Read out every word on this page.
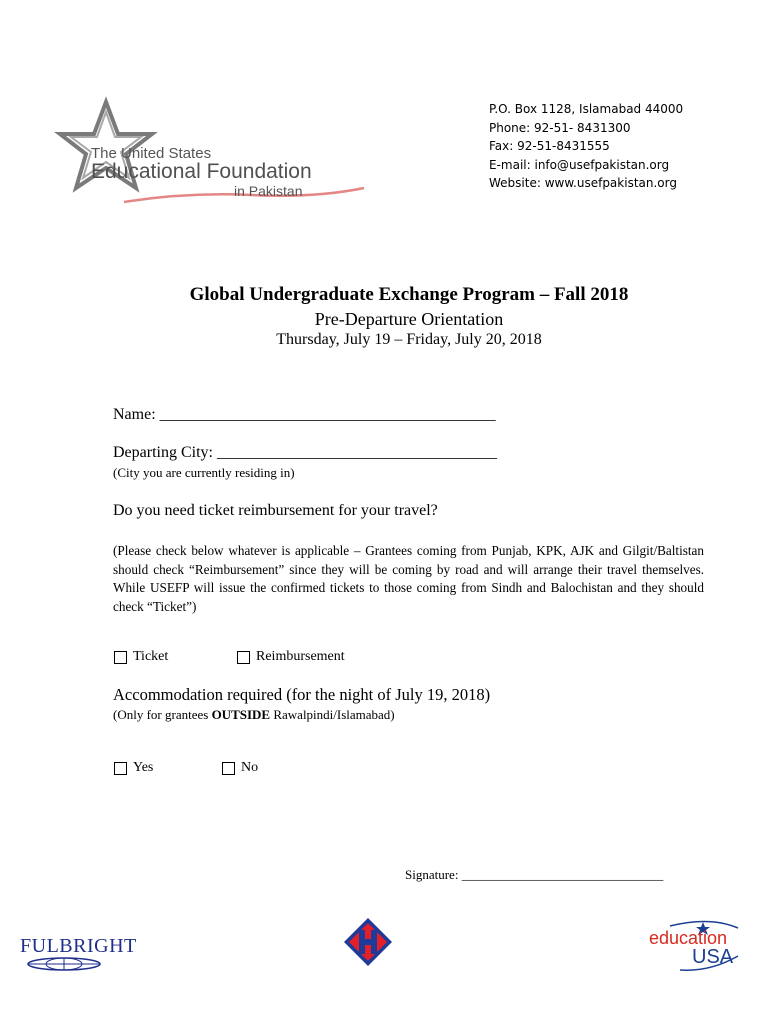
The United States
Educational Foundation
in Pakistan
P.O. Box 1128, Islamabad 44000
Phone: 92-51- 8431300
Fax: 92-51-8431555
E-mail: info@usefpakistan.org
Website: www.usefpakistan.org
Global Undergraduate Exchange Program – Fall 2018
Pre-Departure Orientation
Thursday, July 19 – Friday, July 20, 2018
Name: __________________________________________
Departing City: ___________________________________
(City you are currently residing in)
Do you need ticket reimbursement for your travel?
(Please check below whatever is applicable – Grantees coming from Punjab, KPK, AJK and Gilgit/Baltistan should check “Reimbursement” since they will be coming by road and will arrange their travel themselves. While USEFP will issue the confirmed tickets to those coming from Sindh and Balochistan and they should check “Ticket”)
Ticket	Reimbursement
Accommodation required (for the night of July 19, 2018)
(Only for grantees OUTSIDE Rawalpindi/Islamabad)
Yes	No
Signature: _______________________________
FULBRIGHT	education
USA
